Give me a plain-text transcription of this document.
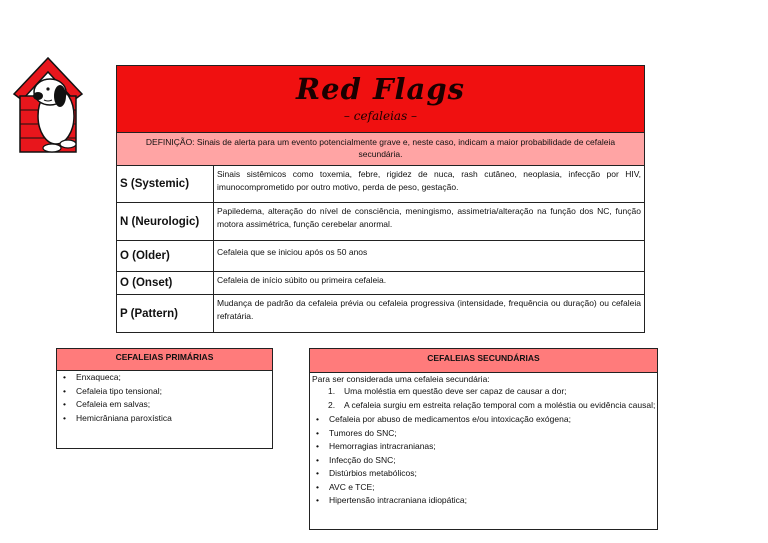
Red Flags
– cefaleias –
DEFINIÇÃO: Sinais de alerta para um evento potencialmente grave e, neste caso, indicam a maior probabilidade de cefaleia secundária.
S (Systemic)
Sinais sistêmicos como toxemia, febre, rigidez de nuca, rash cutâneo, neoplasia, infecção por HIV, imunocomprometido por outro motivo, perda de peso, gestação.
N (Neurologic)
Papiledema, alteração do nível de consciência, meningismo, assimetria/alteração na função dos NC, função motora assimétrica, função cerebelar anormal.
O (Older)	Cefaleia que se iniciou após os 50 anos
O (Onset)	Cefaleia de início súbito ou primeira cefaleia.
P (Pattern)
Mudança de padrão da cefaleia prévia ou cefaleia progressiva (intensidade, frequência ou duração) ou cefaleia refratária.
CEFALEIAS PRIMÁRIAS
• Enxaqueca;
• Cefaleia tipo tensional;
• Cefaleia em salvas;
• Hemicrâniana paroxística
CEFALEIAS SECUNDÁRIAS
Para ser considerada uma cefaleia secundária:
1. Uma moléstia em questão deve ser capaz de causar a dor;
2. A cefaleia surgiu em estreita relação temporal com a moléstia ou evidência causal;
• Cefaleia por abuso de medicamentos e/ou intoxicação exógena;
• Tumores do SNC;
• Hemorragias intracranianas;
• Infecção do SNC;
• Distúrbios metabólicos;
• AVC e TCE;
• Hipertensão intracraniana idiopática;
